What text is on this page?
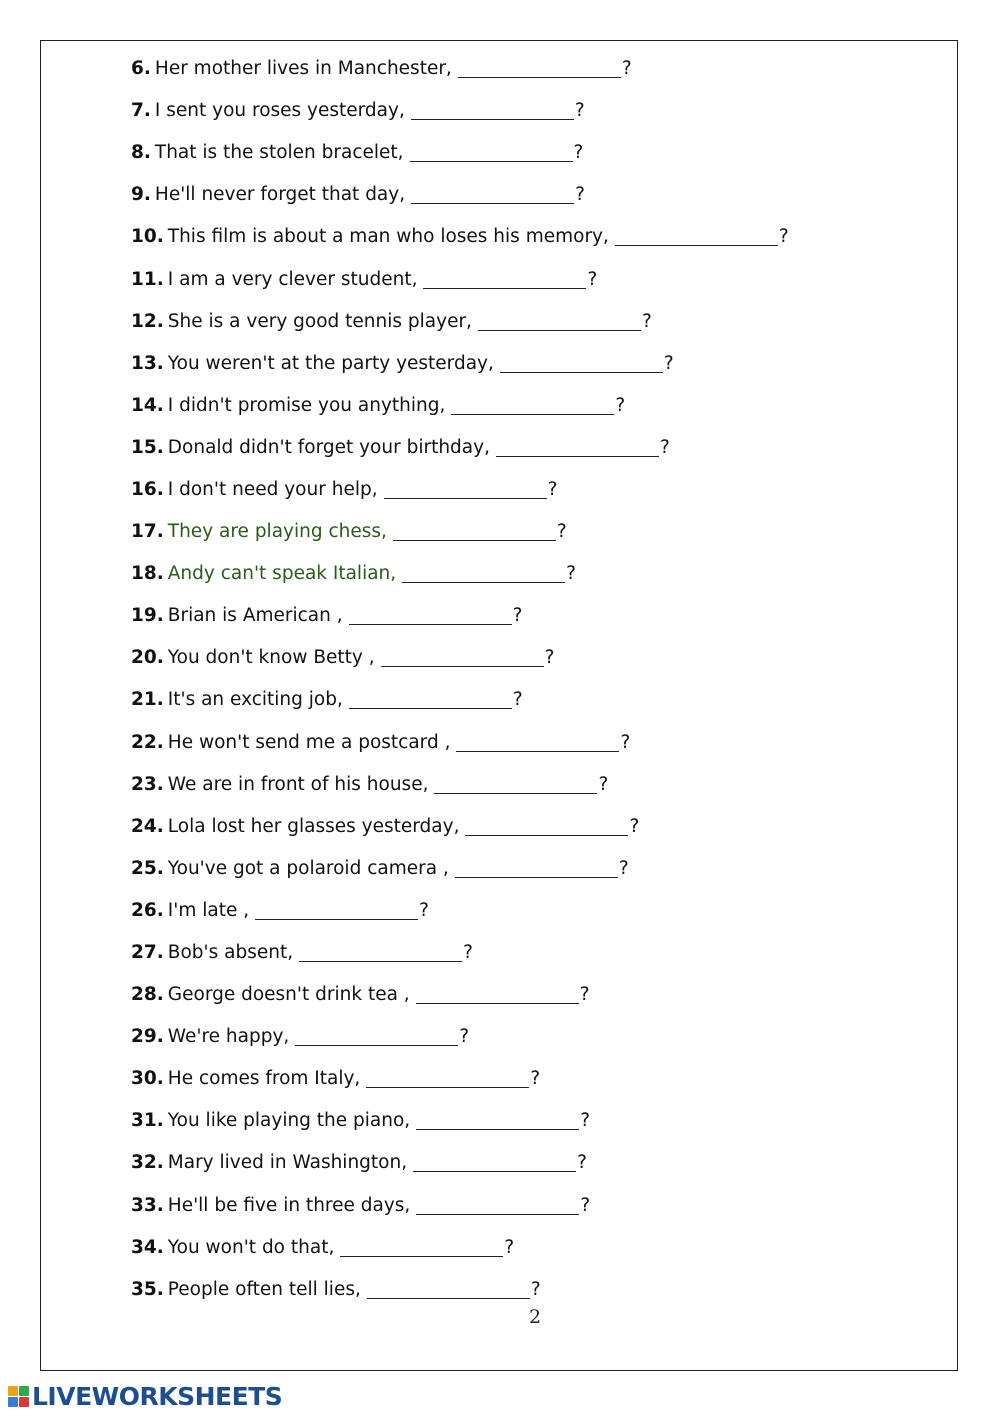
6. Her mother lives in Manchester,	?
7. I sent you roses yesterday,	?
8. That is the stolen bracelet,	?
9. He'll never forget that day,	?
10. This film is about a man who loses his memory,	?
11. I am a very clever student,	?
12. She is a very good tennis player,	?
13. You weren't at the party yesterday,	?
14. I didn't promise you anything,	?
15. Donald didn't forget your birthday,	?
16. I don't need your help,	?
17. They are playing chess,	?
18. Andy can't speak Italian,	?
19. Brian is American ,	?
20. You don't know Betty ,	?
21. It's an exciting job,	?
22. He won't send me a postcard ,	?
23. We are in front of his house,	?
24. Lola lost her glasses yesterday,	?
25. You've got a polaroid camera ,	?
26. I'm late ,	?
27. Bob's absent,	?
28. George doesn't drink tea ,	?
29. We're happy,	?
30. He comes from Italy,	?
31. You like playing the piano,	?
32. Mary lived in Washington,	?
33. He'll be five in three days,	?
34. You won't do that,	?
35. People often tell lies,	?
2
LIVEWORKSHEETS
